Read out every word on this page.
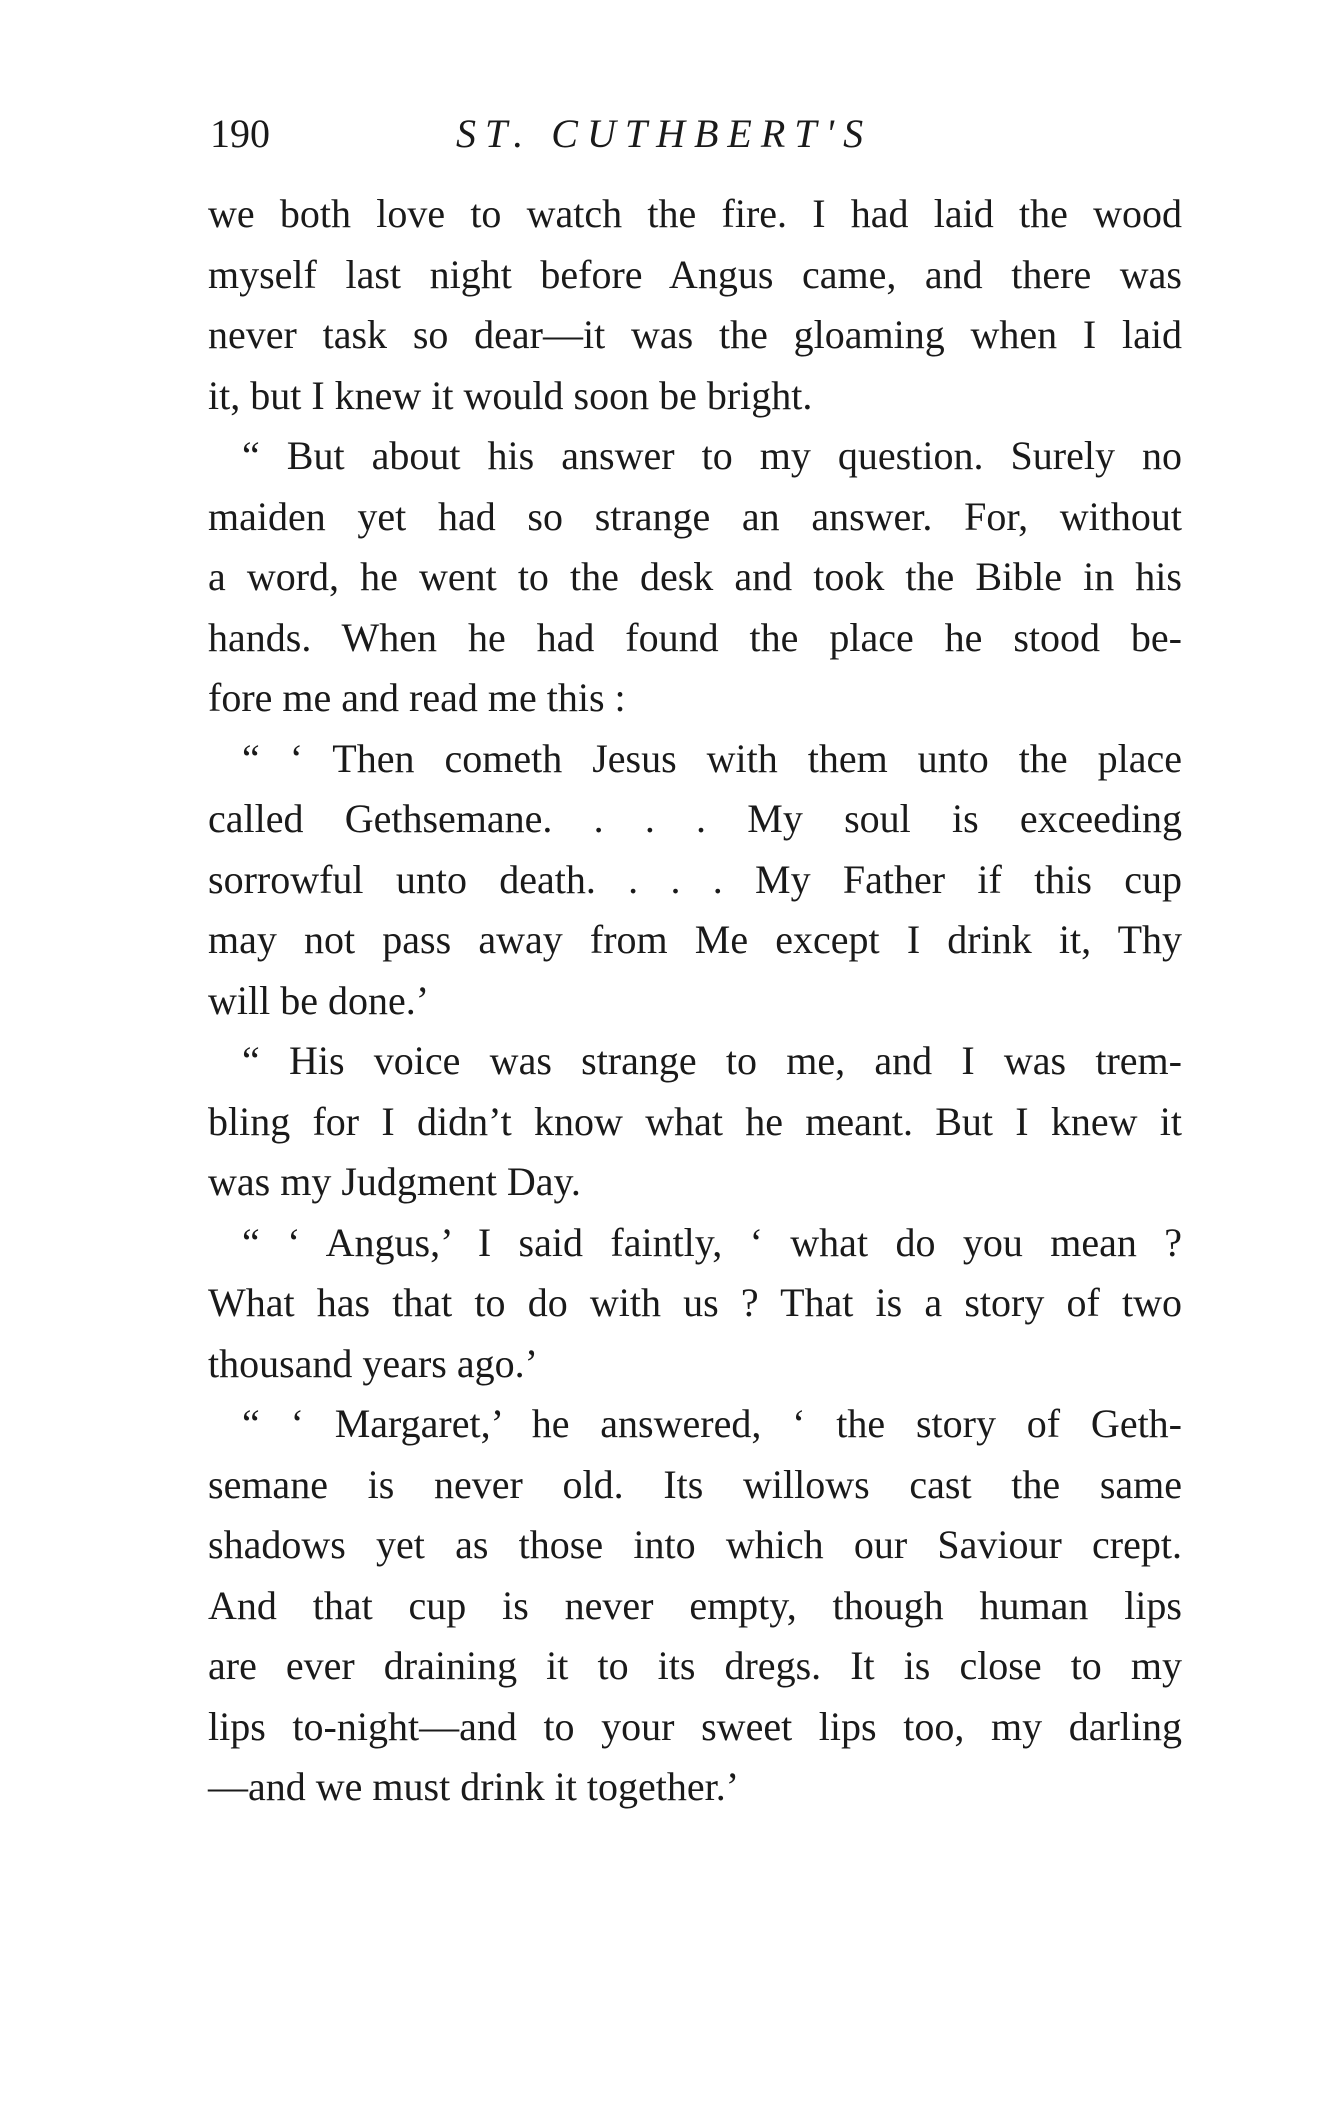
190	ST. CUTHBERT'S
we both love to watch the fire. I had laid the wood
myself last night before Angus came, and there was
never task so dear—it was the gloaming when I laid
it, but I knew it would soon be bright.
“ But about his answer to my question. Surely no
maiden yet had so strange an answer. For, without
a word, he went to the desk and took the Bible in his
hands. When he had found the place he stood be-
fore me and read me this :
“ ‘ Then cometh Jesus with them unto the place
called Gethsemane. . . . My soul is exceeding
sorrowful unto death. . . . My Father if this cup
may not pass away from Me except I drink it, Thy
will be done.’
“ His voice was strange to me, and I was trem-
bling for I didn’t know what he meant. But I knew it
was my Judgment Day.
“ ‘ Angus,’ I said faintly, ‘ what do you mean ?
What has that to do with us ? That is a story of two
thousand years ago.’
“ ‘ Margaret,’ he answered, ‘ the story of Geth-
semane is never old. Its willows cast the same
shadows yet as those into which our Saviour crept.
And that cup is never empty, though human lips
are ever draining it to its dregs. It is close to my
lips to-night—and to your sweet lips too, my darling
—and we must drink it together.’
